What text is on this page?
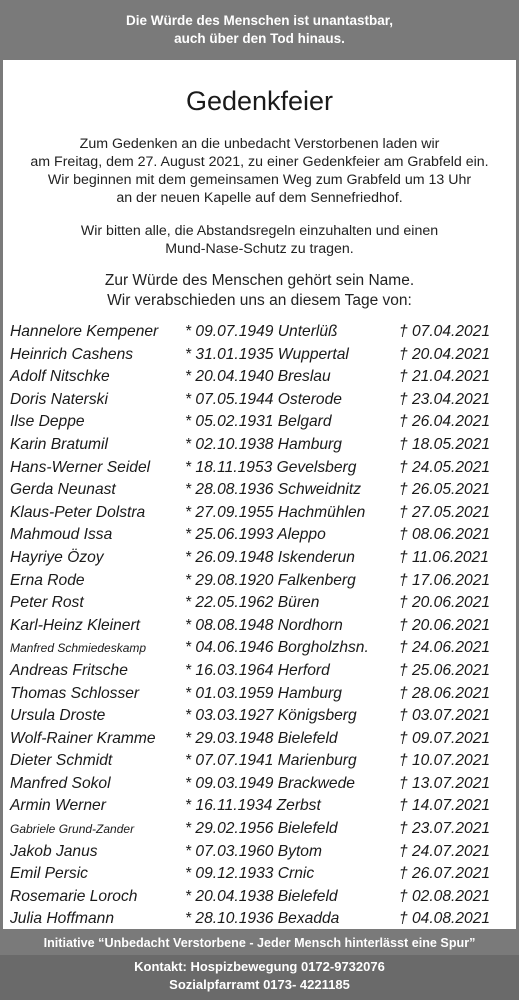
Die Würde des Menschen ist unantastbar,
auch über den Tod hinaus.
Gedenkfeier
Zum Gedenken an die unbedacht Verstorbenen laden wir
am Freitag, dem 27. August 2021, zu einer Gedenkfeier am Grabfeld ein.
Wir beginnen mit dem gemeinsamen Weg zum Grabfeld um 13 Uhr
an der neuen Kapelle auf dem Sennefriedhof.
Wir bitten alle, die Abstandsregeln einzuhalten und einen
Mund-Nase-Schutz zu tragen.
Zur Würde des Menschen gehört sein Name.
Wir verabschieden uns an diesem Tage von:
Hannelore Kempener * 09.07.1949 Unterlüß	† 07.04.2021
Heinrich Cashens	* 31.01.1935 Wuppertal	† 20.04.2021
Adolf Nitschke	* 20.04.1940 Breslau	† 21.04.2021
Doris Naterski	* 07.05.1944 Osterode	† 23.04.2021
Ilse Deppe	* 05.02.1931 Belgard	† 26.04.2021
Karin Bratumil	* 02.10.1938 Hamburg	† 18.05.2021
Hans-Werner Seidel * 18.11.1953 Gevelsberg	† 24.05.2021
Gerda Neunast	* 28.08.1936 Schweidnitz † 26.05.2021
Klaus-Peter Dolstra	* 27.09.1955 Hachmühlen † 27.05.2021
Mahmoud Issa	* 25.06.1993 Aleppo	† 08.06.2021
Hayriye Özoy	* 26.09.1948 Iskenderun	† 11.06.2021
Erna Rode	* 29.08.1920 Falkenberg	† 17.06.2021
Peter Rost	* 22.05.1962 Büren	† 20.06.2021
Karl-Heinz Kleinert	* 08.08.1948 Nordhorn	† 20.06.2021
Manfred Schmiedeskamp * 04.06.1946 Borgholzhsn. † 24.06.2021
Andreas Fritsche	* 16.03.1964 Herford	† 25.06.2021
Thomas Schlosser	* 01.03.1959 Hamburg	† 28.06.2021
Ursula Droste	* 03.03.1927 Königsberg	† 03.07.2021
Wolf-Rainer Kramme * 29.03.1948 Bielefeld	† 09.07.2021
Dieter Schmidt	* 07.07.1941 Marienburg	† 10.07.2021
Manfred Sokol	* 09.03.1949 Brackwede	† 13.07.2021
Armin Werner	* 16.11.1934 Zerbst	† 14.07.2021
Gabriele Grund-Zander	* 29.02.1956 Bielefeld	† 23.07.2021
Jakob Janus	* 07.03.1960 Bytom	† 24.07.2021
Emil Persic	* 09.12.1933 Crnic	† 26.07.2021
Rosemarie Loroch	* 20.04.1938 Bielefeld	† 02.08.2021
Julia Hoffmann	* 28.10.1936 Bexadda	† 04.08.2021
Initiative “Unbedacht Verstorbene - Jeder Mensch hinterlässt eine Spur”
Kontakt: Hospizbewegung 0172-9732076
Sozialpfarramt 0173- 4221185
